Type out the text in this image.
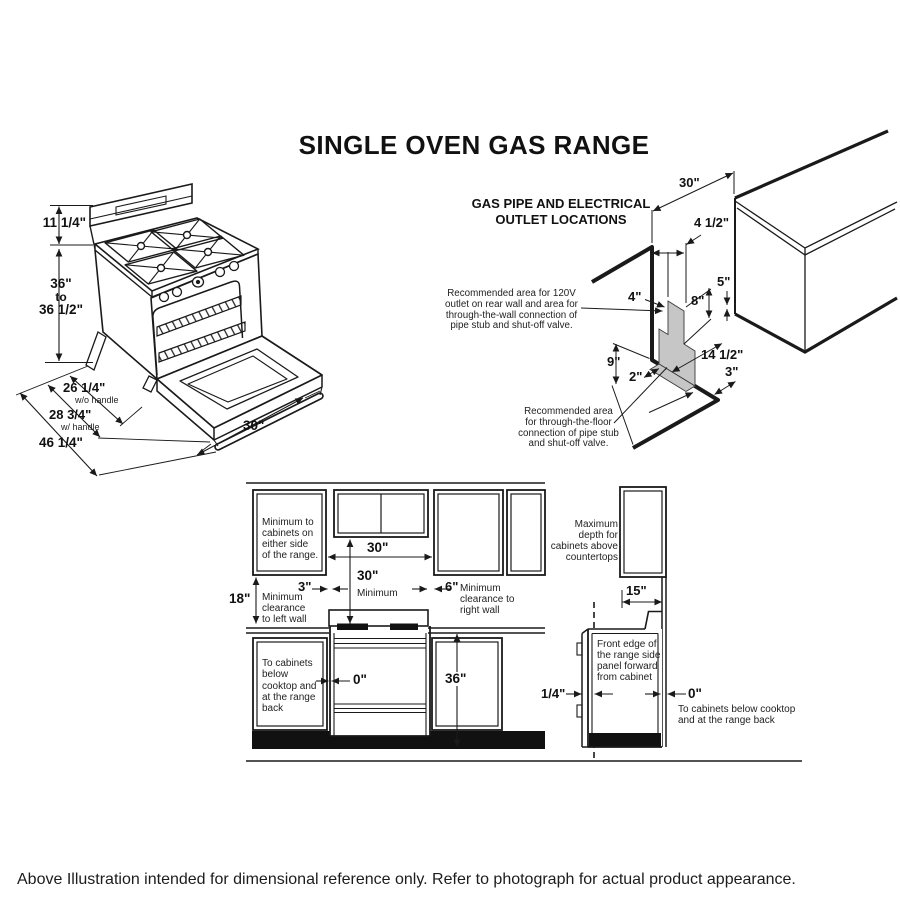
SINGLE OVEN GAS RANGE
11 1/4"
36"
to
36 1/2"
26 1/4"
w/o handle
28 3/4"
w/ handle
46 1/4"
30"
GAS PIPE AND ELECTRICAL
OUTLET LOCATIONS
Recommended area for 120V
outlet on rear wall and area for
through-the-wall connection of
pipe stub and shut-off valve.
Recommended area
for through-the-floor
connection of pipe stub
and shut-off valve.
30"
4 1/2"
5"
4"	8"
9"
2"
14 1/2"
3"
Minimum to
cabinets on
either side
of the range.
30"
30"
Minimum
3"
18" Minimum
clearance
to left wall
6" Minimum
clearance to
right wall
To cabinets
below
cooktop and
at the range
back
0"	36"
Maximum
depth for
cabinets above
countertops
15"
Front edge of
the range side
panel forward
from cabinet
1/4"	0"
To cabinets below cooktop
and at the range back
Above Illustration intended for dimensional reference only. Refer to photograph for actual product appearance.
